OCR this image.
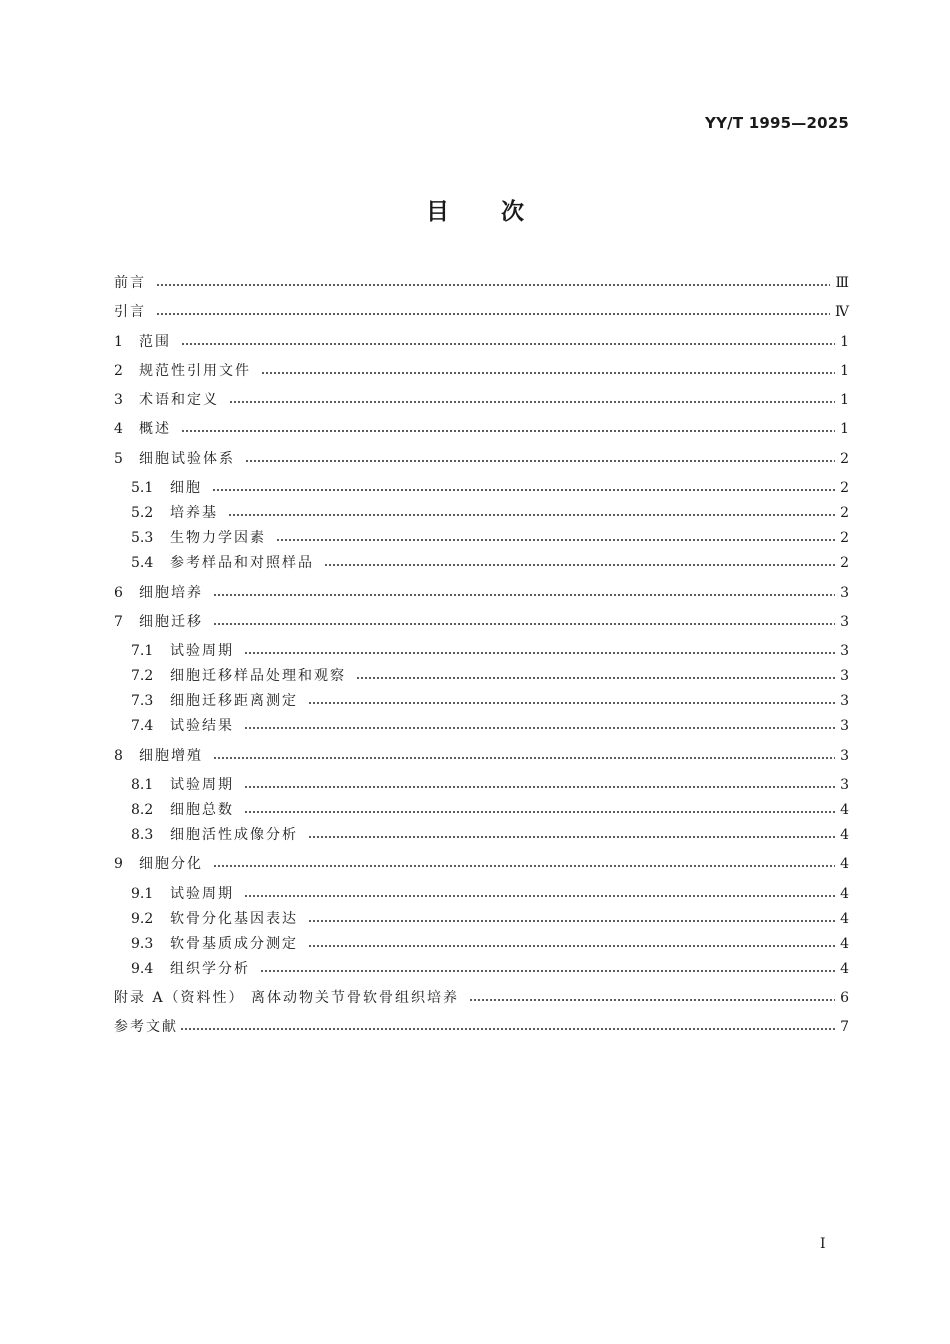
YY/T 1995—2025
目 次
前言	Ⅲ
引言	Ⅳ
1	范围	1
2	规范性引用文件	1
3	术语和定义	1
4	概述	1
5	细胞试验体系	2
5.1	细胞	2
5.2	培养基	2
5.3	生物力学因素	2
5.4	参考样品和对照样品	2
6	细胞培养	3
7	细胞迁移	3
7.1	试验周期	3
7.2	细胞迁移样品处理和观察	3
7.3	细胞迁移距离测定	3
7.4	试验结果	3
8	细胞增殖	3
8.1	试验周期	3
8.2	细胞总数	4
8.3	细胞活性成像分析	4
9	细胞分化	4
9.1	试验周期	4
9.2	软骨分化基因表达	4
9.3	软骨基质成分测定	4
9.4	组织学分析	4
附录 A（资料性） 离体动物关节骨软骨组织培养	6
参考文献	7
I
